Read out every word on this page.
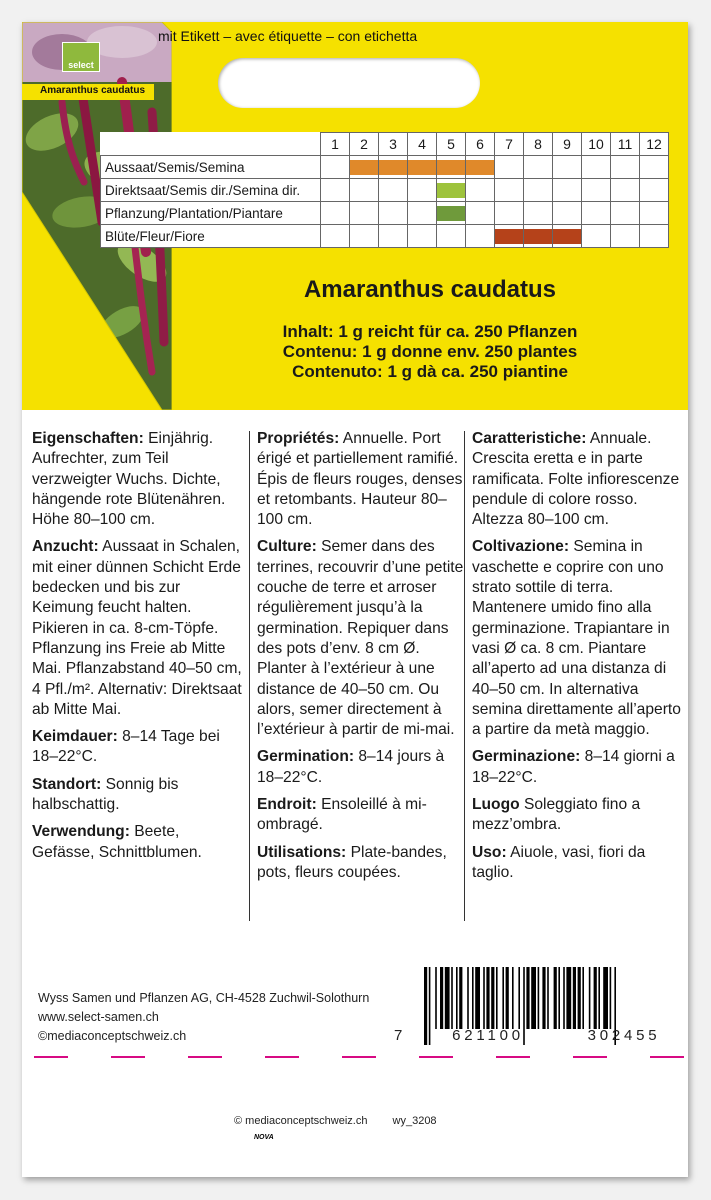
select
Amaranthus caudatus
mit Etikett – avec étiquette – con etichetta
	1	2	3	4	5	6	7	8	9	10	11	12
Aussaat/Semis/Semina		

Direktsaat/Semis dir./Semina dir.					

Pflanzung/Plantation/Piantare					

Blüte/Fleur/Fiore							

Amaranthus caudatus
Inhalt: 1 g reicht für ca. 250 Pflanzen
Contenu: 1 g donne env. 250 plantes
Contenuto: 1 g dà ca. 250 piantine
Eigenschaften: Einjährig. Aufrechter, zum Teil verzweigter Wuchs. Dichte, hängende rote Blütenähren. Höhe 80–100 cm.
Anzucht: Aussaat in Schalen, mit einer dünnen Schicht Erde bedecken und bis zur Keimung feucht halten. Pikieren in ca. 8-cm-Töpfe. Pflanzung ins Freie ab Mitte Mai. Pflanzabstand 40–50 cm, 4 Pfl./m². Alternativ: Direktsaat ab Mitte Mai.
Keimdauer: 8–14 Tage bei 18–22°C.
Standort: Sonnig bis halbschattig.
Verwendung: Beete, Gefässe, Schnittblumen.
Propriétés: Annuelle. Port érigé et partiellement ramifié. Épis de fleurs rouges, denses et retombants. Hauteur 80–100 cm.
Culture: Semer dans des terrines, recouvrir d’une petite couche de terre et arroser régulièrement jusqu’à la germination. Repiquer dans des pots d’env. 8 cm Ø. Planter à l’extérieur à une distance de 40–50 cm. Ou alors, semer directement à l’extérieur à partir de mi-mai.
Germination: 8–14 jours à 18–22°C.
Endroit: Ensoleillé à mi-ombragé.
Utilisations: Plate-bandes, pots, fleurs coupées.
Caratteristiche: Annuale. Crescita eretta e in parte ramificata. Folte infiorescenze pendule di colore rosso. Altezza 80–100 cm.
Coltivazione: Semina in vaschette e coprire con uno strato sottile di terra. Mantenere umido fino alla germinazione. Trapiantare in vasi Ø ca. 8 cm. Piantare all’aperto ad una distanza di 40–50 cm. In alternativa semina direttamente all’aperto a partire da metà maggio.
Germinazione: 8–14 giorni a 18–22°C.
Luogo Soleggiato fino a mezz’ombra.
Uso: Aiuole, vasi, fiori da taglio.
Wyss Samen und Pflanzen AG, CH-4528 Zuchwil-Solothurn
www.select-samen.ch
©mediaconceptschweiz.ch	7	621100	302455
© mediaconceptschweiz.ch wy_3208
NOVA
